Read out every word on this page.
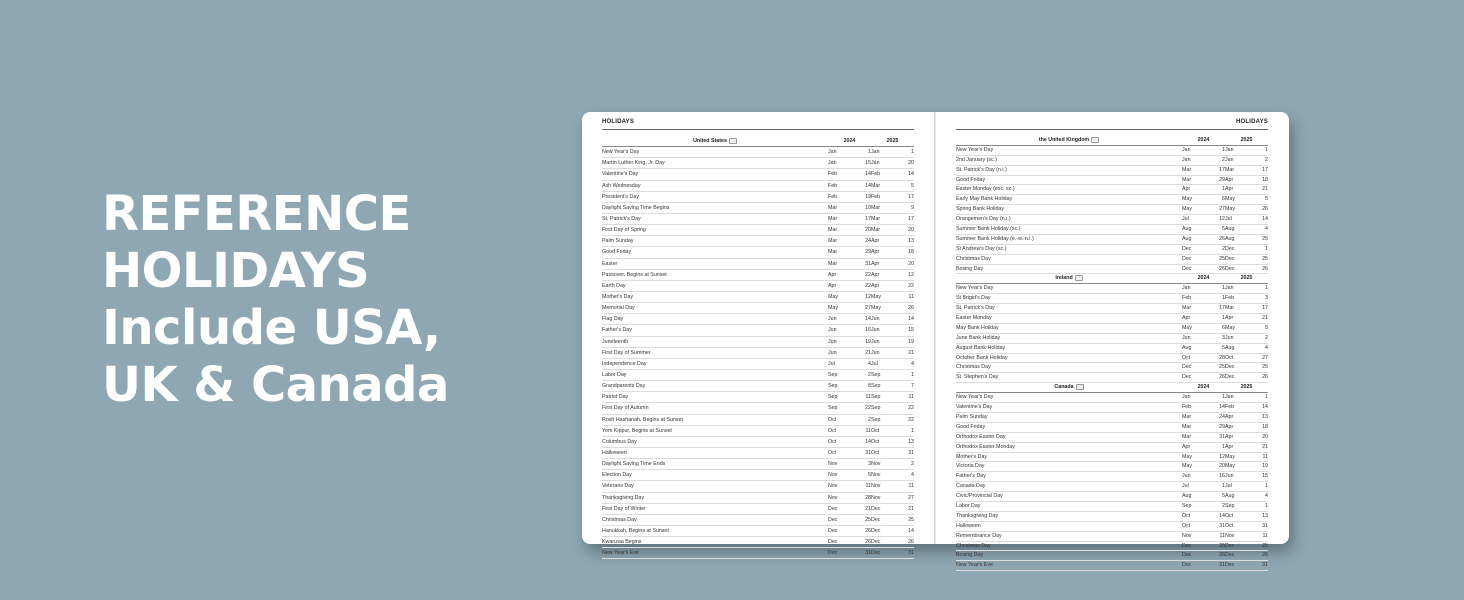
REFERENCE
HOLIDAYS
Include USA,
UK & Canada
HOLIDAYS
United States	2024	2025
New Year's Day	Jan	1 Jan	1
Martin Luther King, Jr. Day	Jan	15 Jan	20
Valentine's Day	Feb	14 Feb	14
Ash Wednesday	Feb	14 Mar	5
President's Day	Feb	19 Feb	17
Daylight Saving Time Begins	Mar	10 Mar	9
St. Patrick's Day	Mar	17 Mar	17
First Day of Spring	Mar	20 Mar	20
Palm Sunday	Mar	24 Apr	13
Good Friday	Mar	29 Apr	18
Easter	Mar	31 Apr	20
Passover, Begins at Sunset	Apr	22 Apr	12
Earth Day	Apr	22 Apr	22
Mother's Day	May	12 May	11
Memorial Day	May	27 May	26
Flag Day	Jun	14 Jun	14
Father's Day	Jun	16 Jun	15
Juneteenth	Jun	19 Jun	19
First Day of Summer	Jun	21 Jun	21
Independence Day	Jul	4 Jul	4
Labor Day	Sep	2 Sep	1
Grandparents Day	Sep	8 Sep	7
Patriot Day	Sep	11 Sep	11
First Day of Autumn	Sep	22 Sep	22
Rosh Hashanah, Begins at Sunset	Oct	2 Sep	22
Yom Kippur, Begins at Sunset	Oct	11 Oct	1
Columbus Day	Oct	14 Oct	13
Halloween	Oct	31 Oct	31
Daylight Saving Time Ends	Nov	3 Nov	2
Election Day	Nov	5 Nov	4
Veterans Day	Nov	11 Nov	11
Thanksgiving Day	Nov	28 Nov	27
First Day of Winter	Dec	21 Dec	21
Christmas Day	Dec	25 Dec	25
Hanukkah, Begins at Sunset	Dec	26 Dec	14
Kwanzaa Begins	Dec	26 Dec	26
New Year's Eve	Dec	31 Dec	31
HOLIDAYS
the United Kingdom	2024	2025
New Year's Day	Jan	1 Jan	1
2nd January (sc.)	Jan	2 Jan	2
St. Patrick's Day (n.i.)	Mar	17 Mar	17
Good Friday	Mar	29 Apr	18
Easter Monday (exc. sc.)	Apr	1 Apr	21
Early May Bank Holiday	May	6 May	5
Spring Bank Holiday	May	27 May	26
Orangemen's Day (n.i.)	Jul	12 Jul	14
Summer Bank Holiday (sc.)	Aug	5 Aug	4
Summer Bank Holiday (e.-w.-n.i.)	Aug	26 Aug	25
St Andrew's Day (sc.)	Dec	2 Dec	1
Christmas Day	Dec	25 Dec	25
Boxing Day	Dec	26 Dec	26
Ireland	2024	2025
New Year's Day	Jan	1 Jan	1
St Brigid's Day	Feb	1 Feb	3
St. Patrick's Day	Mar	17 Mar	17
Easter Monday	Apr	1 Apr	21
May Bank Holiday	May	6 May	5
June Bank Holiday	Jun	3 Jun	2
August Bank Holiday	Aug	5 Aug	4
October Bank Holiday	Oct	28 Oct	27
Christmas Day	Dec	25 Dec	25
St. Stephen's Day	Dec	26 Dec	26
Canada	2024	2025
New Year's Day	Jan	1 Jan	1
Valentine's Day	Feb	14 Feb	14
Palm Sunday	Mar	24 Apr	13
Good Friday	Mar	29 Apr	18
Orthodox Easter Day	Mar	31 Apr	20
Orthodox Easter Monday	Apr	1 Apr	21
Mother's Day	May	12 May	11
Victoria Day	May	20 May	19
Father's Day	Jun	16 Jun	15
Canada Day	Jul	1 Jul	1
Civic/Provincial Day	Aug	5 Aug	4
Labor Day	Sep	2 Sep	1
Thanksgiving Day	Oct	14 Oct	13
Halloween	Oct	31 Oct	31
Remembrance Day	Nov	11 Nov	11
Christmas Day	Dec	25 Dec	25
Boxing Day	Dec	26 Dec	26
New Year's Eve	Dec	31 Dec	31
